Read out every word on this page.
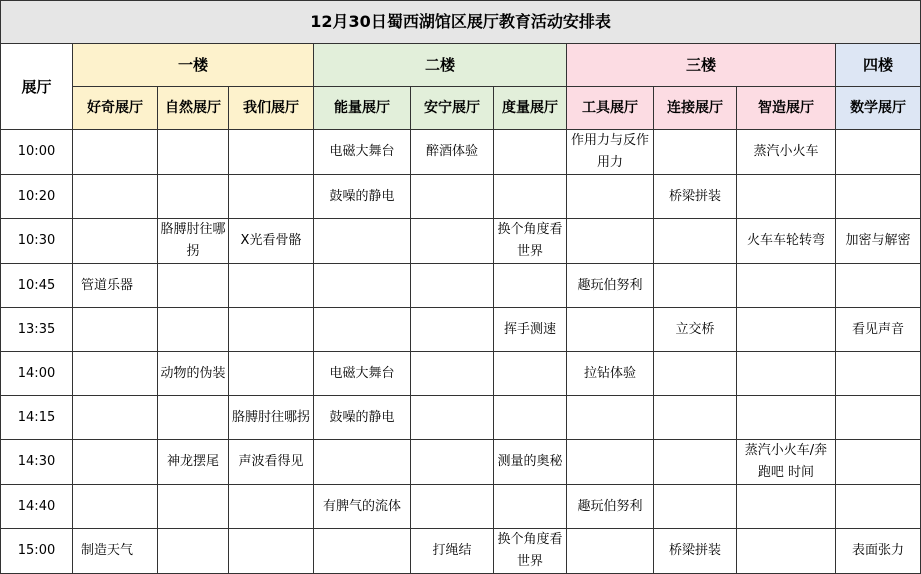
12月30日蜀西湖馆区展厅教育活动安排表										
展厅	一楼			二楼			三楼			四楼
	好奇展厅	自然展厅	我们展厅	能量展厅	安宁展厅	度量展厅	工具展厅	连接展厅	智造展厅	数学展厅
10:00				电磁大舞台	醉酒体验		作用力与反作用力		蒸汽小火车	
10:20				鼓噪的静电				桥梁拼装		
10:30		胳膊肘往哪拐	X光看骨骼			换个角度看世界			火车车轮转弯	加密与解密
10:45	管道乐器						趣玩伯努利			
13:35						挥手测速		立交桥		看见声音
14:00		动物的伪装		电磁大舞台			拉钻体验			
14:15			胳膊肘往哪拐	鼓噪的静电						
14:30		神龙摆尾	声波看得见			测量的奥秘			蒸汽小火车/奔跑吧 时间	
14:40				有脾气的流体			趣玩伯努利			
15:00	制造天气				打绳结	换个角度看世界		桥梁拼装		表面张力
